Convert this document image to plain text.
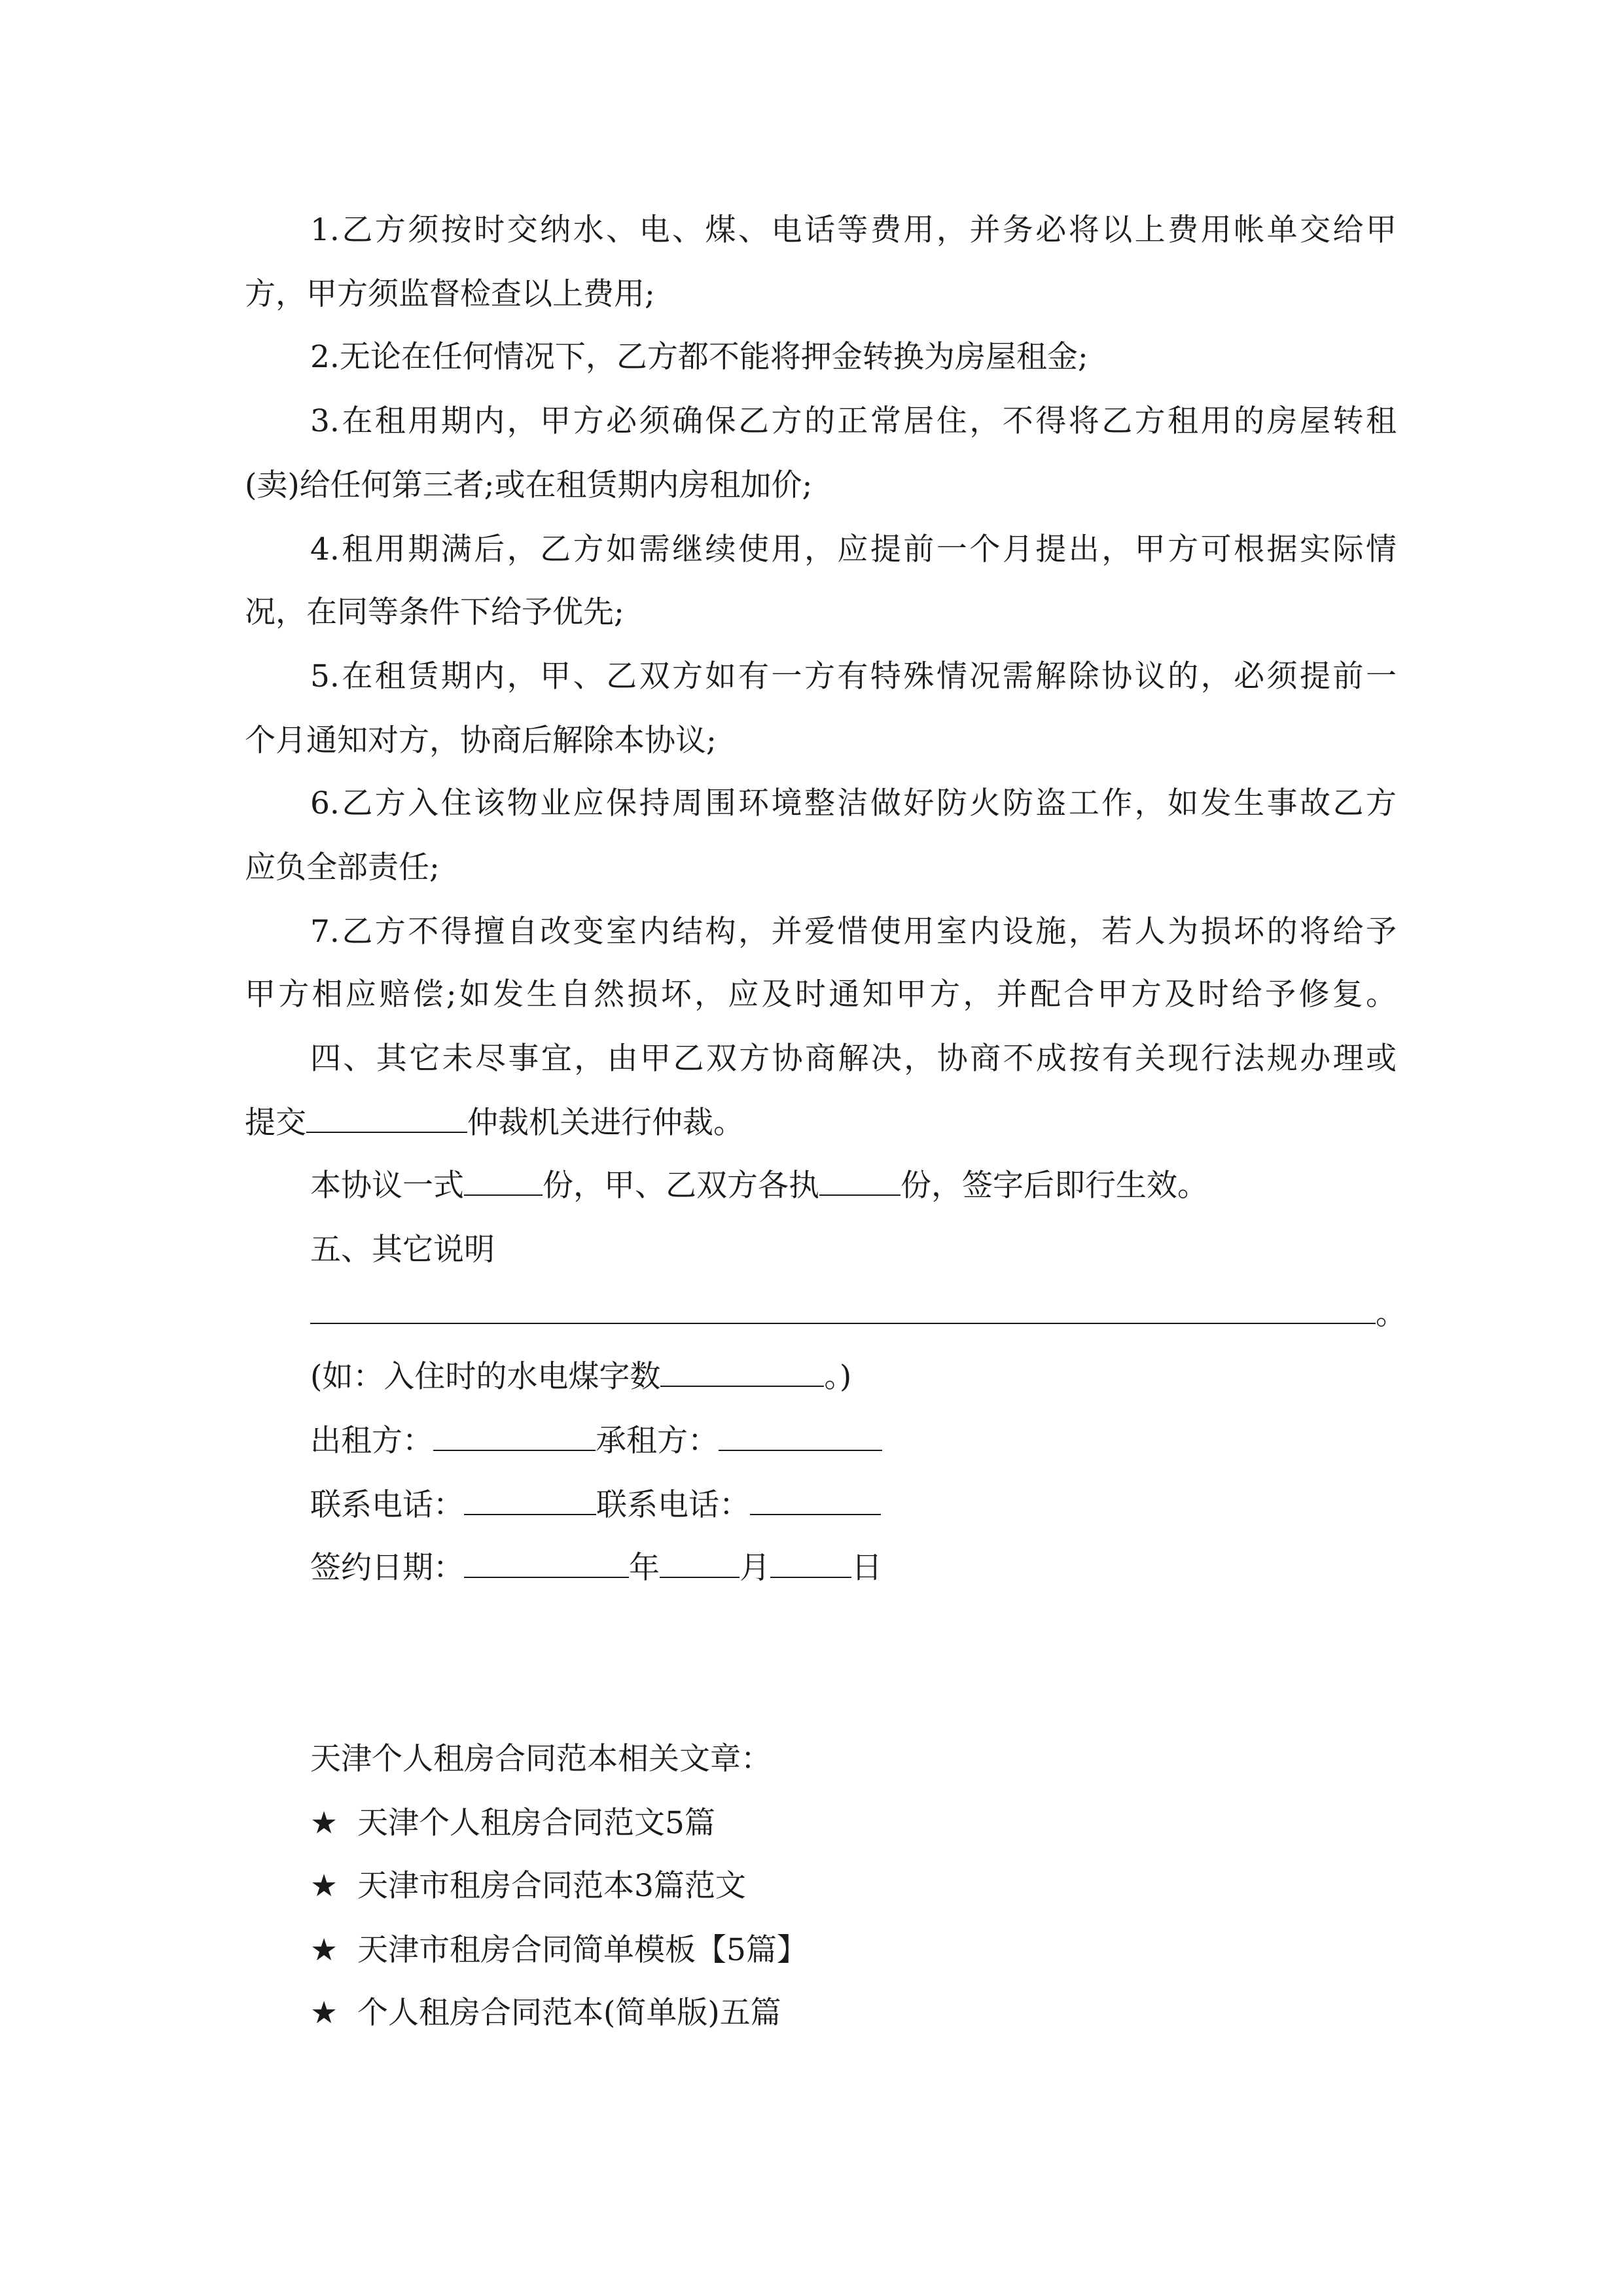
1.乙方须按时交纳水、电、煤、电话等费用，并务必将以上费用帐单交给甲
方，甲方须监督检查以上费用;
2.无论在任何情况下，乙方都不能将押金转换为房屋租金;
3.在租用期内，甲方必须确保乙方的正常居住，不得将乙方租用的房屋转租
(卖)给任何第三者;或在租赁期内房租加价;
4.租用期满后，乙方如需继续使用，应提前一个月提出，甲方可根据实际情
况，在同等条件下给予优先;
5.在租赁期内，甲、乙双方如有一方有特殊情况需解除协议的，必须提前一
个月通知对方，协商后解除本协议;
6.乙方入住该物业应保持周围环境整洁做好防火防盗工作，如发生事故乙方
应负全部责任;
7.乙方不得擅自改变室内结构，并爱惜使用室内设施，若人为损坏的将给予
甲方相应赔偿;如发生自然损坏，应及时通知甲方，并配合甲方及时给予修复。
四、其它未尽事宜，由甲乙双方协商解决，协商不成按有关现行法规办理或
提交	仲裁机关进行仲裁。
本协议一式	份，甲、乙双方各执	份，签字后即行生效。
五、其它说明
。
(如：入住时的水电煤字数	。)
出租方：	承租方：
联系电话：	联系电话：
签约日期：	年	月	日
天津个人租房合同范本相关文章：
★ 天津个人租房合同范文5篇
★ 天津市租房合同范本3篇范文
★ 天津市租房合同简单模板【5篇】
★ 个人租房合同范本(简单版)五篇
